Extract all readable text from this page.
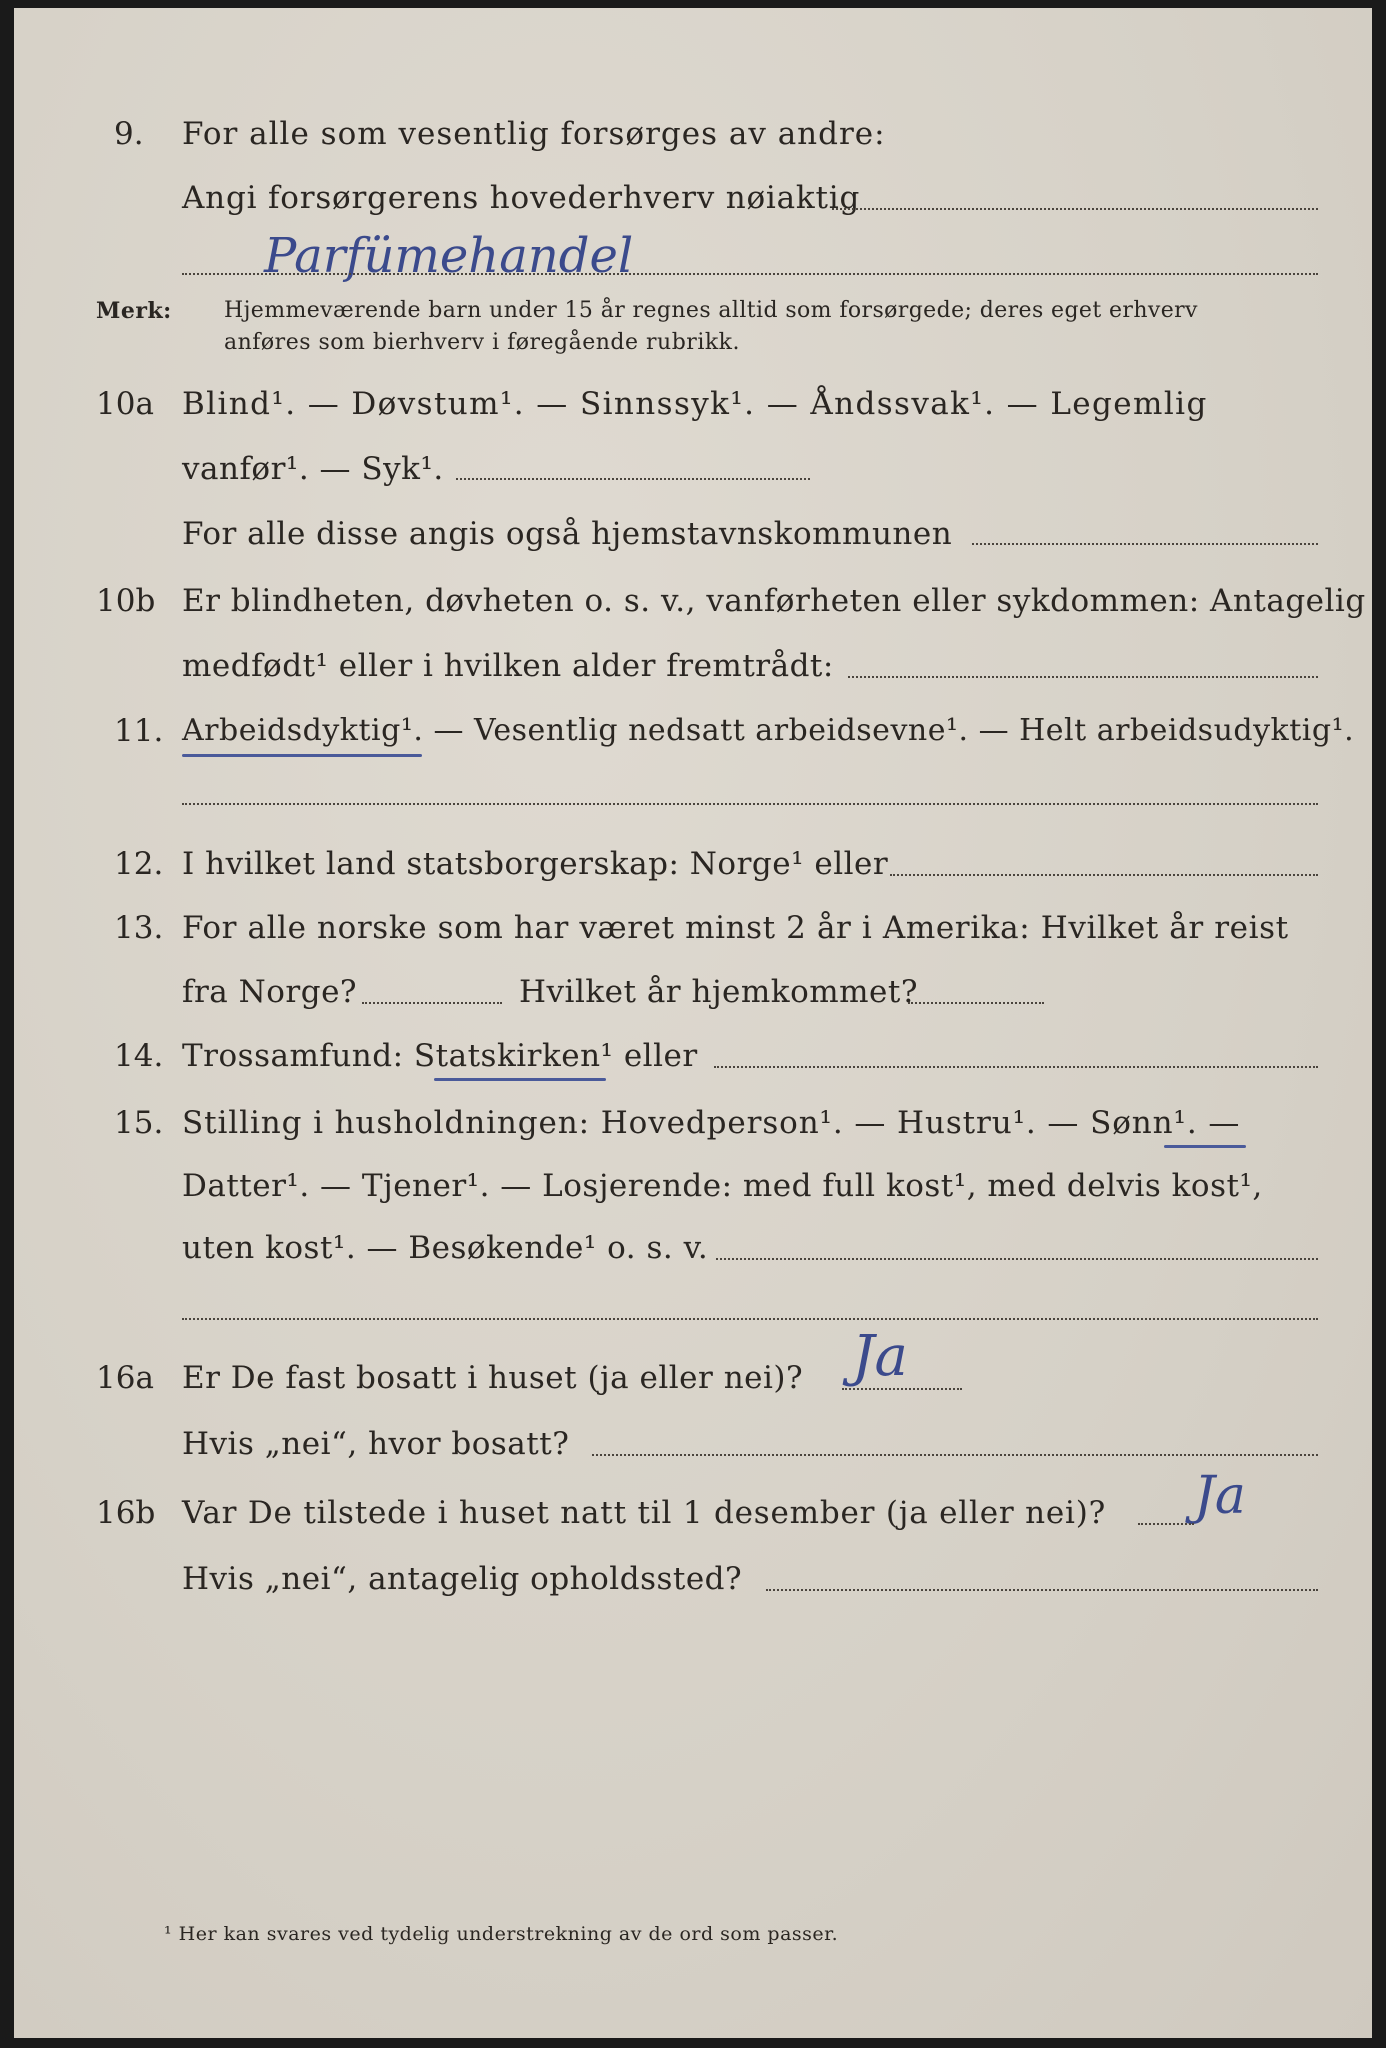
9. For alle som vesentlig forsørges av andre:
Angi forsørgerens hovederhverv nøiaktig
Parfümehandel
Merk: Hjemmeværende barn under 15 år regnes alltid som forsørgede; deres eget erhverv
anføres som bierhverv i føregående rubrikk.
10a Blind¹. — Døvstum¹. — Sinnssyk¹. — Åndssvak¹. — Legemlig
vanfør¹. — Syk¹.
For alle disse angis også hjemstavnskommunen
10b Er blindheten, døvheten o. s. v., vanførheten eller sykdommen: Antagelig
medfødt¹ eller i hvilken alder fremtrådt:
11. Arbeidsdyktig¹. — Vesentlig nedsatt arbeidsevne¹. — Helt arbeidsudyktig¹.
12. I hvilket land statsborgerskap: Norge¹ eller
13. For alle norske som har været minst 2 år i Amerika: Hvilket år reist
fra Norge?	Hvilket år hjemkommet?
14. Trossamfund: Statskirken¹ eller
15. Stilling i husholdningen: Hovedperson¹. — Hustru¹. — Sønn¹. —
Datter¹. — Tjener¹. — Losjerende: med full kost¹, med delvis kost¹,
uten kost¹. — Besøkende¹ o. s. v.
16a Er De fast bosatt i huset (ja eller nei)? Ja
Hvis „nei“, hvor bosatt?
16b Var De tilstede i huset natt til 1 desember (ja eller nei)? Ja
Hvis „nei“, antagelig opholdssted?
¹ Her kan svares ved tydelig understrekning av de ord som passer.
